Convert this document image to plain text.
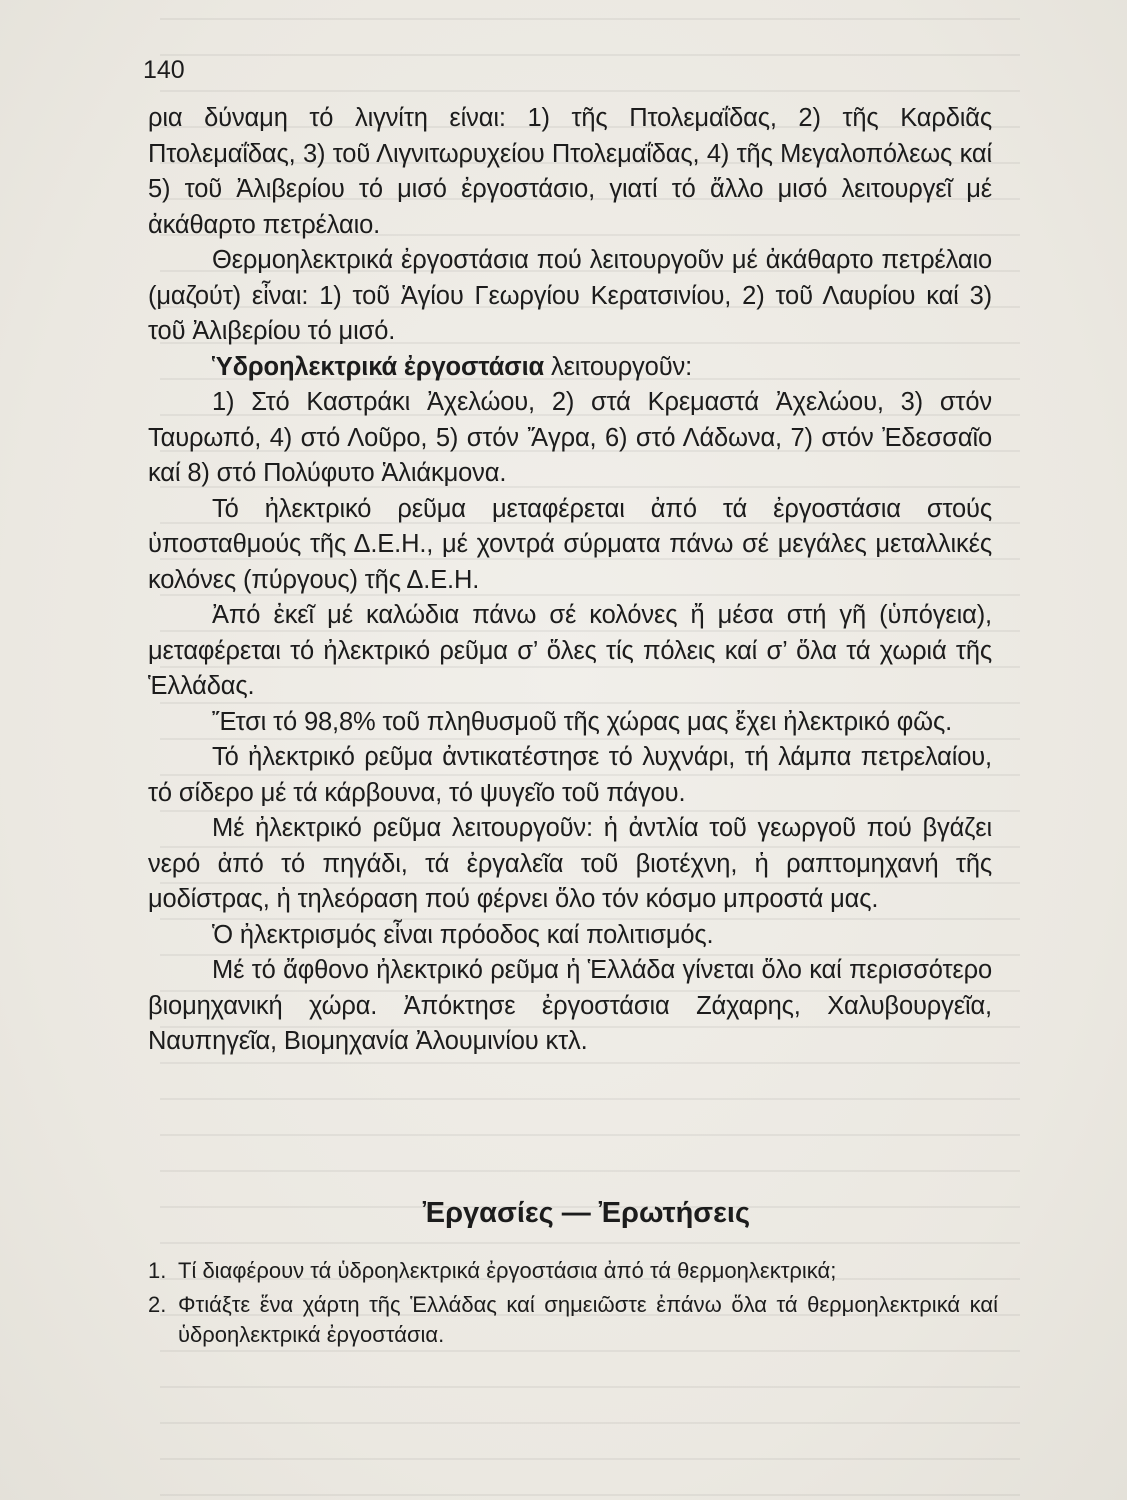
140

ρια δύναμη τό λιγνίτη είναι: 1) τῆς Πτολεμαΐδας, 2) τῆς Καρδιᾶς Πτολεμαΐδας, 3) τοῦ Λιγνιτωρυχείου Πτολεμαΐδας, 4) τῆς Μεγαλοπόλεως καί 5) τοῦ Ἀλιβερίου τό μισό ἐργοστάσιο, γιατί τό ἄλλο μισό λειτουργεῖ μέ ἀκάθαρτο πετρέλαιο.

Θερμοηλεκτρικά ἐργοστάσια πού λειτουργοῦν μέ ἀκάθαρτο πετρέλαιο (μαζούτ) εἶναι: 1) τοῦ Ἁγίου Γεωργίου Κερατσινίου, 2) τοῦ Λαυρίου καί 3) τοῦ Ἀλιβερίου τό μισό.

Ὑδροηλεκτρικά ἐργοστάσια λειτουργοῦν:

1) Στό Καστράκι Ἀχελώου, 2) στά Κρεμαστά Ἀχελώου, 3) στόν Ταυρωπό, 4) στό Λοῦρο, 5) στόν Ἄγρα, 6) στό Λάδωνα, 7) στόν Ἐδεσσαῖο καί 8) στό Πολύφυτο Ἁλιάκμονα.

Τό ἠλεκτρικό ρεῦμα μεταφέρεται ἀπό τά ἐργοστάσια στούς ὑποσταθμούς τῆς Δ.Ε.Η., μέ χοντρά σύρματα πάνω σέ μεγάλες μεταλλικές κολόνες (πύργους) τῆς Δ.Ε.Η.

Ἀπό ἐκεῖ μέ καλώδια πάνω σέ κολόνες ἤ μέσα στή γῆ (ὑπόγεια), μεταφέρεται τό ἠλεκτρικό ρεῦμα σ’ ὅλες τίς πόλεις καί σ’ ὅλα τά χωριά τῆς Ἑλλάδας.

Ἔτσι τό 98,8% τοῦ πληθυσμοῦ τῆς χώρας μας ἔχει ἠλεκτρικό φῶς.

Τό ἠλεκτρικό ρεῦμα ἀντικατέστησε τό λυχνάρι, τή λάμπα πετρελαίου, τό σίδερο μέ τά κάρβουνα, τό ψυγεῖο τοῦ πάγου.

Μέ ἠλεκτρικό ρεῦμα λειτουργοῦν: ἡ ἀντλία τοῦ γεωργοῦ πού βγάζει νερό ἀπό τό πηγάδι, τά ἐργαλεῖα τοῦ βιοτέχνη, ἡ ραπτομηχανή τῆς μοδίστρας, ἡ τηλεόραση πού φέρνει ὅλο τόν κόσμο μπροστά μας.

Ὁ ἠλεκτρισμός εἶναι πρόοδος καί πολιτισμός.

Μέ τό ἄφθονο ἠλεκτρικό ρεῦμα ἡ Ἑλλάδα γίνεται ὅλο καί περισσότερο βιομηχανική χώρα. Ἀπόκτησε ἐργοστάσια Ζάχαρης, Χαλυβουργεῖα, Ναυπηγεῖα, Βιομηχανία Ἀλουμινίου κτλ.

Ἐργασίες — Ἐρωτήσεις
1. Τί διαφέρουν τά ὑδροηλεκτρικά ἐργοστάσια ἀπό τά θερμοηλεκτρικά;
2. Φτιάξτε ἕνα χάρτη τῆς Ἑλλάδας καί σημειῶστε ἐπάνω ὅλα τά θερμοηλεκτρικά καί ὑδροηλεκτρικά ἐργοστάσια.
